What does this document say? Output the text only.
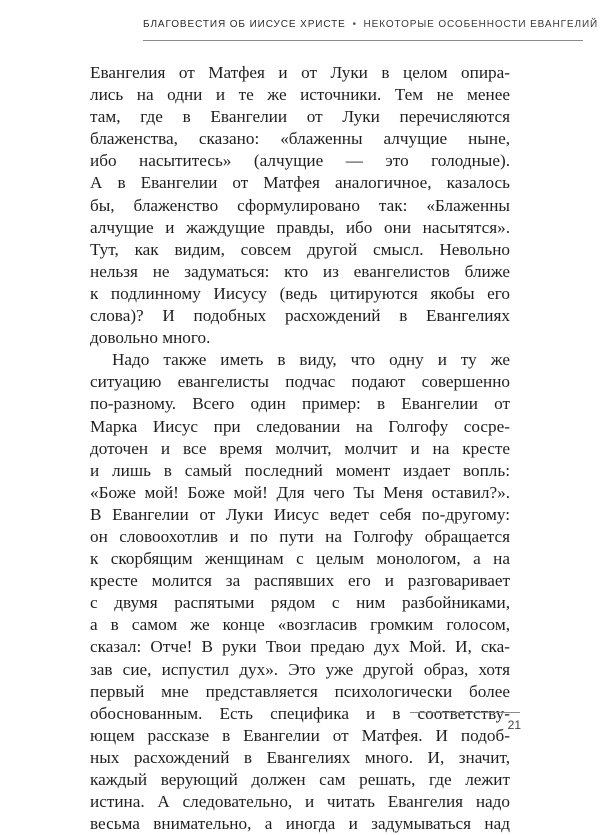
БЛАГОВЕСТИЯ ОБ ИИСУСЕ ХРИСТЕ • НЕКОТОРЫЕ ОСОБЕННОСТИ ЕВАНГЕЛИЙ
Евангелия от Матфея и от Луки в целом опира-
лись на одни и те же источники. Тем не менее
там, где в Евангелии от Луки перечисляются
блаженства, сказано: «блаженны алчущие ныне,
ибо насытитесь» (алчущие — это голодные).
А в Евангелии от Матфея аналогичное, казалось
бы, блаженство сформулировано так: «Блаженны
алчущие и жаждущие правды, ибо они насытятся».
Тут, как видим, совсем другой смысл. Невольно
нельзя не задуматься: кто из евангелистов ближе
к подлинному Иисусу (ведь цитируются якобы его
слова)? И подобных расхождений в Евангелиях
довольно много.
Надо также иметь в виду, что одну и ту же
ситуацию евангелисты подчас подают совершенно
по-разному. Всего один пример: в Евангелии от
Марка Иисус при следовании на Голгофу сосре-
доточен и все время молчит, молчит и на кресте
и лишь в самый последний момент издает вопль:
«Боже мой! Боже мой! Для чего Ты Меня оставил?».
В Евангелии от Луки Иисус ведет себя по-другому:
он словоохотлив и по пути на Голгофу обращается
к скорбящим женщинам с целым монологом, а на
кресте молится за распявших его и разговаривает
с двумя распятыми рядом с ним разбойниками,
а в самом же конце «возгласив громким голосом,
сказал: Отче! В руки Твои предаю дух Мой. И, ска-
зав сие, испустил дух». Это уже другой образ, хотя
первый мне представляется психологически более
обоснованным. Есть специфика и в соответству-
ющем рассказе в Евангелии от Матфея. И подоб-
ных расхождений в Евангелиях много. И, значит,
каждый верующий должен сам решать, где лежит
истина. А следовательно, и читать Евангелия надо
весьма внимательно, а иногда и задумываться над
21
